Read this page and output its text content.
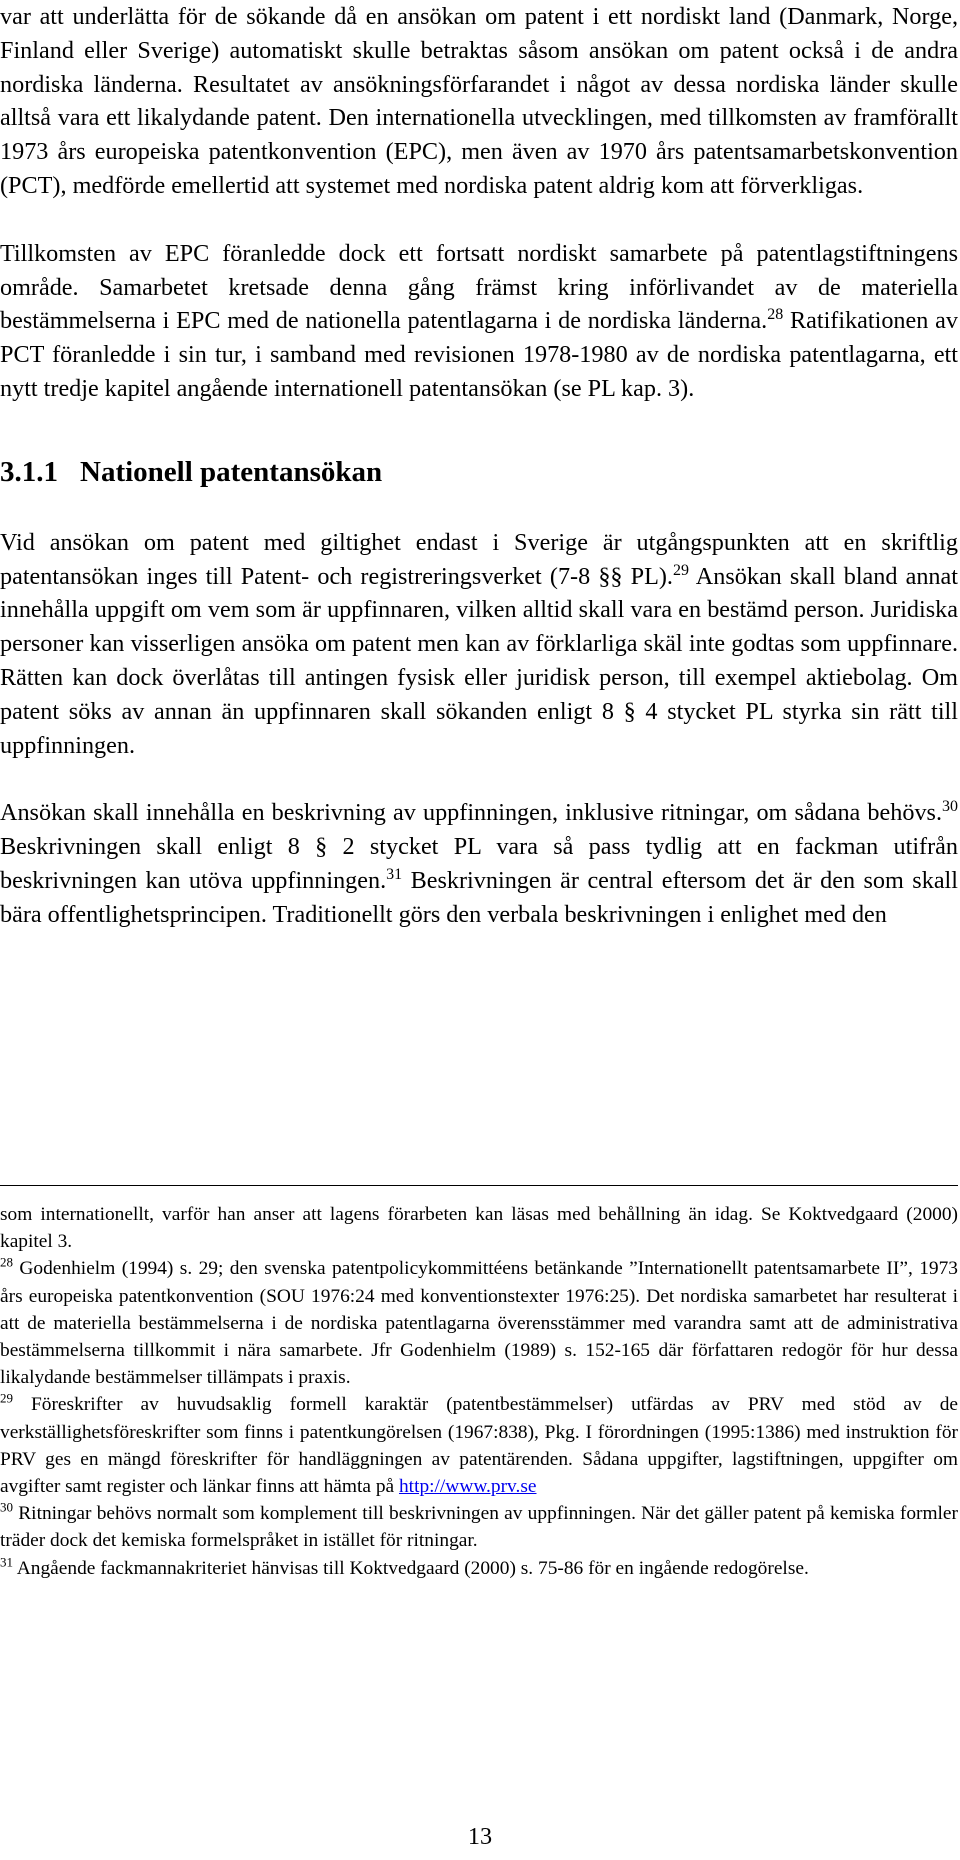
var att underlätta för de sökande då en ansökan om patent i ett nordiskt land (Danmark, Norge, Finland eller Sverige) automatiskt skulle betraktas såsom ansökan om patent också i de andra nordiska länderna. Resultatet av ansökningsförfarandet i något av dessa nordiska länder skulle alltså vara ett likalydande patent. Den internationella utvecklingen, med tillkomsten av framförallt 1973 års europeiska patentkonvention (EPC), men även av 1970 års patentsamarbetskonvention (PCT), medförde emellertid att systemet med nordiska patent aldrig kom att förverkligas.

Tillkomsten av EPC föranledde dock ett fortsatt nordiskt samarbete på patentlagstiftningens område. Samarbetet kretsade denna gång främst kring införlivandet av de materiella bestämmelserna i EPC med de nationella patentlagarna i de nordiska länderna.$^{28}$ Ratifikationen av PCT föranledde i sin tur, i samband med revisionen 1978-1980 av de nordiska patentlagarna, ett nytt tredje kapitel angående internationell patentansökan (se PL kap. 3).

3.1.1 Nationell patentansökan

Vid ansökan om patent med giltighet endast i Sverige är utgångspunkten att en skriftlig patentansökan inges till Patent- och registreringsverket (7-8 §§ PL).$^{29}$ Ansökan skall bland annat innehålla uppgift om vem som är uppfinnaren, vilken alltid skall vara en bestämd person. Juridiska personer kan visserligen ansöka om patent men kan av förklarliga skäl inte godtas som uppfinnare. Rätten kan dock överlåtas till antingen fysisk eller juridisk person, till exempel aktiebolag. Om patent söks av annan än uppfinnaren skall sökanden enligt 8 § 4 stycket PL styrka sin rätt till uppfinningen.

Ansökan skall innehålla en beskrivning av uppfinningen, inklusive ritningar, om sådana behövs.$^{30}$ Beskrivningen skall enligt 8 § 2 stycket PL vara så pass tydlig att en fackman utifrån beskrivningen kan utöva uppfinningen.$^{31}$ Beskrivningen är central eftersom det är den som skall bära offentlighetsprincipen. Traditionellt görs den verbala beskrivningen i enlighet med den

som internationellt, varför han anser att lagens förarbeten kan läsas med behållning än idag. Se Koktvedgaard (2000) kapitel 3.

$^{28}$ Godenhielm (1994) s. 29; den svenska patentpolicykommittéens betänkande ”Internationellt patentsamarbete II”, 1973 års europeiska patentkonvention (SOU 1976:24 med konventionstexter 1976:25). Det nordiska samarbetet har resulterat i att de materiella bestämmelserna i de nordiska patentlagarna överensstämmer med varandra samt att de administrativa bestämmelserna tillkommit i nära samarbete. Jfr Godenhielm (1989) s. 152-165 där författaren redogör för hur dessa likalydande bestämmelser tillämpats i praxis.

$^{29}$ Föreskrifter av huvudsaklig formell karaktär (patentbestämmelser) utfärdas av PRV med stöd av de verkställighetsföreskrifter som finns i patentkungörelsen (1967:838), Pkg. I förordningen (1995:1386) med instruktion för PRV ges en mängd föreskrifter för handläggningen av patentärenden. Sådana uppgifter, lagstiftningen, uppgifter om avgifter samt register och länkar finns att hämta på http://www.prv.se

$^{30}$ Ritningar behövs normalt som komplement till beskrivningen av uppfinningen. När det gäller patent på kemiska formler träder dock det kemiska formelspråket in istället för ritningar.

$^{31}$ Angående fackmannakriteriet hänvisas till Koktvedgaard (2000) s. 75-86 för en ingående redogörelse.

13
